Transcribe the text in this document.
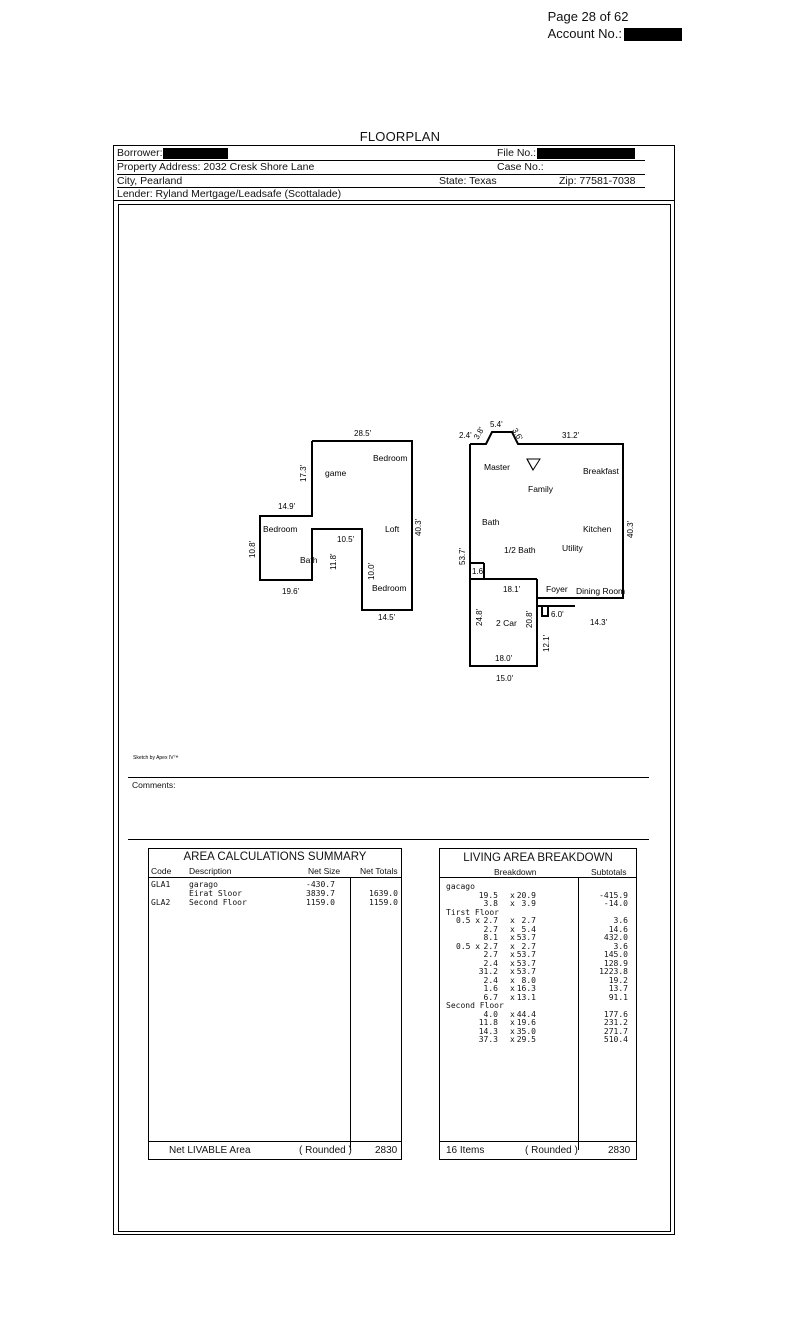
Page 28 of 62
Account No.:
FLOORPLAN
Borrower:	File No.:
Property Address: 2032 Cresk Shore Lane	Case No.:
City, Pearland	State: Texas	Zip: 77581-7038
Lender: Ryland Mertgage/Leadsafe (Scottalade)
game
Bedroom
Bedroom
Bath
Loft
Bedroom
Master	Breakfast
Family
Bath
Kitchen
1/2 Bath	Utility
Foyer Dining Room
2 Car
28.5'
17.3'
14.9'
10.5'
40.3'
10.8'
11.8'
10.0'
19.6'
14.5'
5.4'
2.4' 3.8'	3.6'	31.2'
40.3'
53.7'
1.6
18.1'
24.8'	20.8' 6.0'
12.1'
14.3'
18.0'
15.0'
Sketch by Apex IV™
Comments:
AREA CALCULATIONS SUMMARY
Code Description	Net Size Net Totals
GLA1 garago	-430.7
Eirat Sloor	3839.7	1639.0
GLA2 Second Floor	1159.0	1159.0
Net LIVABLE Area	( Rounded ) 2830
LIVING AREA BREAKDOWN
Breakdown	Subtotals
gacago
19.5 x 20.9	-415.9
3.8 x 3.9	-14.0
Tirst Floor
0.5 x 2.7 x 2.7	3.6
2.7 x 5.4	14.6
8.1 x 53.7	432.0
0.5 x 2.7 x 2.7	3.6
2.7 x 53.7	145.0
2.4 x 53.7	128.9
31.2 x 53.7	1223.8
2.4 x 8.0	19.2
1.6 x 16.3	13.7
6.7 x 13.1	91.1
Second Floor
4.0 x 44.4	177.6
11.8 x 19.6	231.2
14.3 x 35.0	271.7
37.3 x 29.5	510.4
16 Items	( Rounded )	2830
